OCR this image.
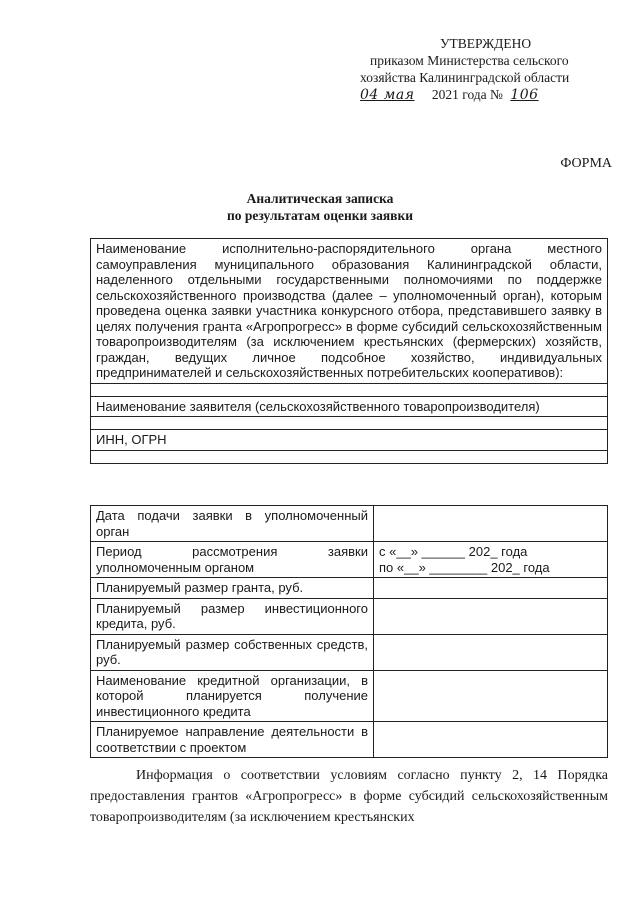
УТВЕРЖДЕНО
приказом Министерства сельского
хозяйства Калининградской области
04 мая 2021 года № 106
ФОРМА
Аналитическая записка
по результатам оценки заявки
Наименование исполнительно-распорядительного органа местного самоуправления муниципального образования Калининградской области, наделенного отдельными государственными полномочиями по поддержке сельскохозяйственного производства (далее – уполномоченный орган), которым проведена оценка заявки участника конкурсного отбора, представившего заявку в целях получения гранта «Агропрогресс» в форме субсидий сельскохозяйственным товаропроизводителям (за исключением крестьянских (фермерских) хозяйств, граждан, ведущих личное подсобное хозяйство, индивидуальных предпринимателей и сельскохозяйственных потребительских кооперативов):

Наименование заявителя (сельскохозяйственного товаропроизводителя)

ИНН, ОГРН

Дата подачи заявки в уполномоченный орган	
Период рассмотрения заявки уполномоченным органом	с «__» ______ 202_ года
по «__» ________ 202_ года
Планируемый размер гранта, руб.	
Планируемый размер инвестиционного кредита, руб.	
Планируемый размер собственных средств, руб.	
Наименование кредитной организации, в которой планируется получение инвестиционного кредита	
Планируемое направление деятельности в соответствии с проектом	
Информация о соответствии условиям согласно пункту 2, 14 Порядка предоставления грантов «Агропрогресс» в форме субсидий сельскохозяйственным товаропроизводителям (за исключением крестьянских
